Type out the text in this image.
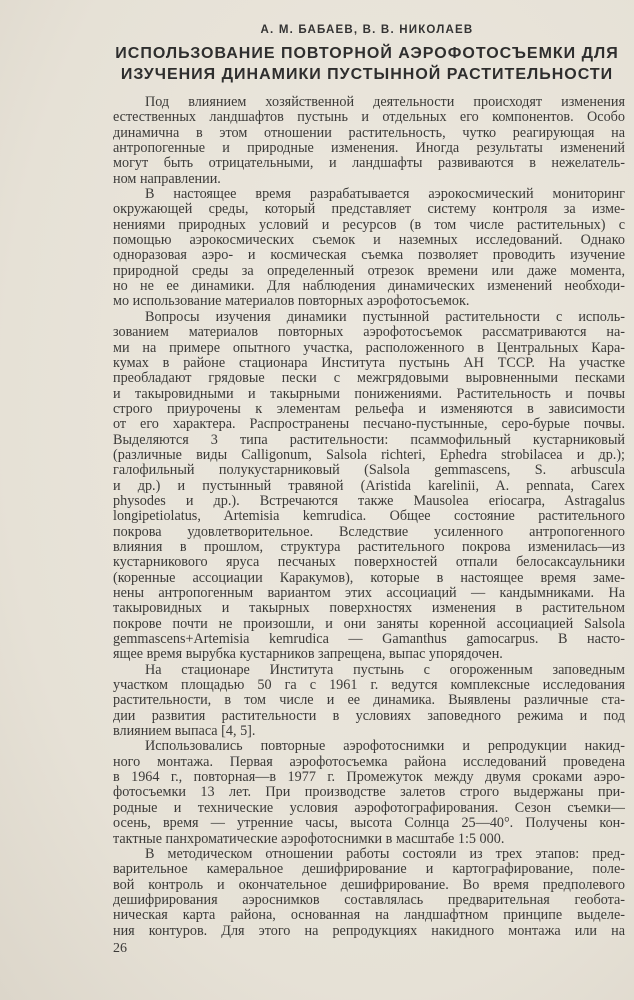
А. М. БАБАЕВ, В. В. НИКОЛАЕВ
ИСПОЛЬЗОВАНИЕ ПОВТОРНОЙ АЭРОФОТОСЪЕМКИ ДЛЯ
ИЗУЧЕНИЯ ДИНАМИКИ ПУСТЫННОЙ РАСТИТЕЛЬНОСТИ
Под влиянием хозяйственной деятельности происходят изменения
естественных ландшафтов пустынь и отдельных его компонентов. Особо
динамична в этом отношении растительность, чутко реагирующая на
антропогенные и природные изменения. Иногда результаты изменений
могут быть отрицательными, и ландшафты развиваются в нежелатель-
ном направлении.
В настоящее время разрабатывается аэрокосмический мониторинг
окружающей среды, который представляет систему контроля за изме-
нениями природных условий и ресурсов (в том числе растительных) с
помощью аэрокосмических съемок и наземных исследований. Однако
одноразовая аэро- и космическая съемка позволяет проводить изучение
природной среды за определенный отрезок времени или даже момента,
но не ее динамики. Для наблюдения динамических изменений необходи-
мо использование материалов повторных аэрофотосъемок.
Вопросы изучения динамики пустынной растительности с исполь-
зованием материалов повторных аэрофотосъемок рассматриваются на-
ми на примере опытного участка, расположенного в Центральных Кара-
кумах в районе стационара Института пустынь АН ТССР. На участке
преобладают грядовые пески с межгрядовыми выровненными песками
и такыровидными и такырными понижениями. Растительность и почвы
строго приурочены к элементам рельефа и изменяются в зависимости
от его характера. Распространены песчано-пустынные, серо-бурые почвы.
Выделяются 3 типа растительности: псаммофильный кустарниковый
(различные виды Calligonum, Salsola richteri, Ephedra strobilacea и др.);
галофильный полукустарниковый (Salsola gemmascens, S. arbuscula
и др.) и пустынный травяной (Aristida karelinii, A. pennata, Carex
physodes и др.). Встречаются также Mausolea eriocarpa, Astragalus
longipetiolatus, Artemisia kemrudica. Общее состояние растительного
покрова удовлетворительное. Вследствие усиленного антропогенного
влияния в прошлом, структура растительного покрова изменилась—из
кустарникового яруса песчаных поверхностей отпали белосаксаульники
(коренные ассоциации Каракумов), которые в настоящее время заме-
нены антропогенным вариантом этих ассоциаций — кандымниками. На
такыровидных и такырных поверхностях изменения в растительном
покрове почти не произошли, и они заняты коренной ассоциацией Salsola
gemmascens+Artemisia kemrudica — Gamanthus gamocarpus. В насто-
ящее время вырубка кустарников запрещена, выпас упорядочен.
На стационаре Института пустынь с огороженным заповедным
участком площадью 50 га с 1961 г. ведутся комплексные исследования
растительности, в том числе и ее динамика. Выявлены различные ста-
дии развития растительности в условиях заповедного режима и под
влиянием выпаса [4, 5].
Использовались повторные аэрофотоснимки и репродукции накид-
ного монтажа. Первая аэрофотосъемка района исследований проведена
в 1964 г., повторная—в 1977 г. Промежуток между двумя сроками аэро-
фотосъемки 13 лет. При производстве залетов строго выдержаны при-
родные и технические условия аэрофотографирования. Сезон съемки—
осень, время — утренние часы, высота Солнца 25—40°. Получены кон-
тактные панхроматические аэрофотоснимки в масштабе 1:5 000.
В методическом отношении работы состояли из трех этапов: пред-
варительное камеральное дешифрирование и картографирование, поле-
вой контроль и окончательное дешифрирование. Во время предполевого
дешифрирования аэроснимков составлялась предварительная геобота-
ническая карта района, основанная на ландшафтном принципе выделе-
ния контуров. Для этого на репродукциях накидного монтажа или на
26
